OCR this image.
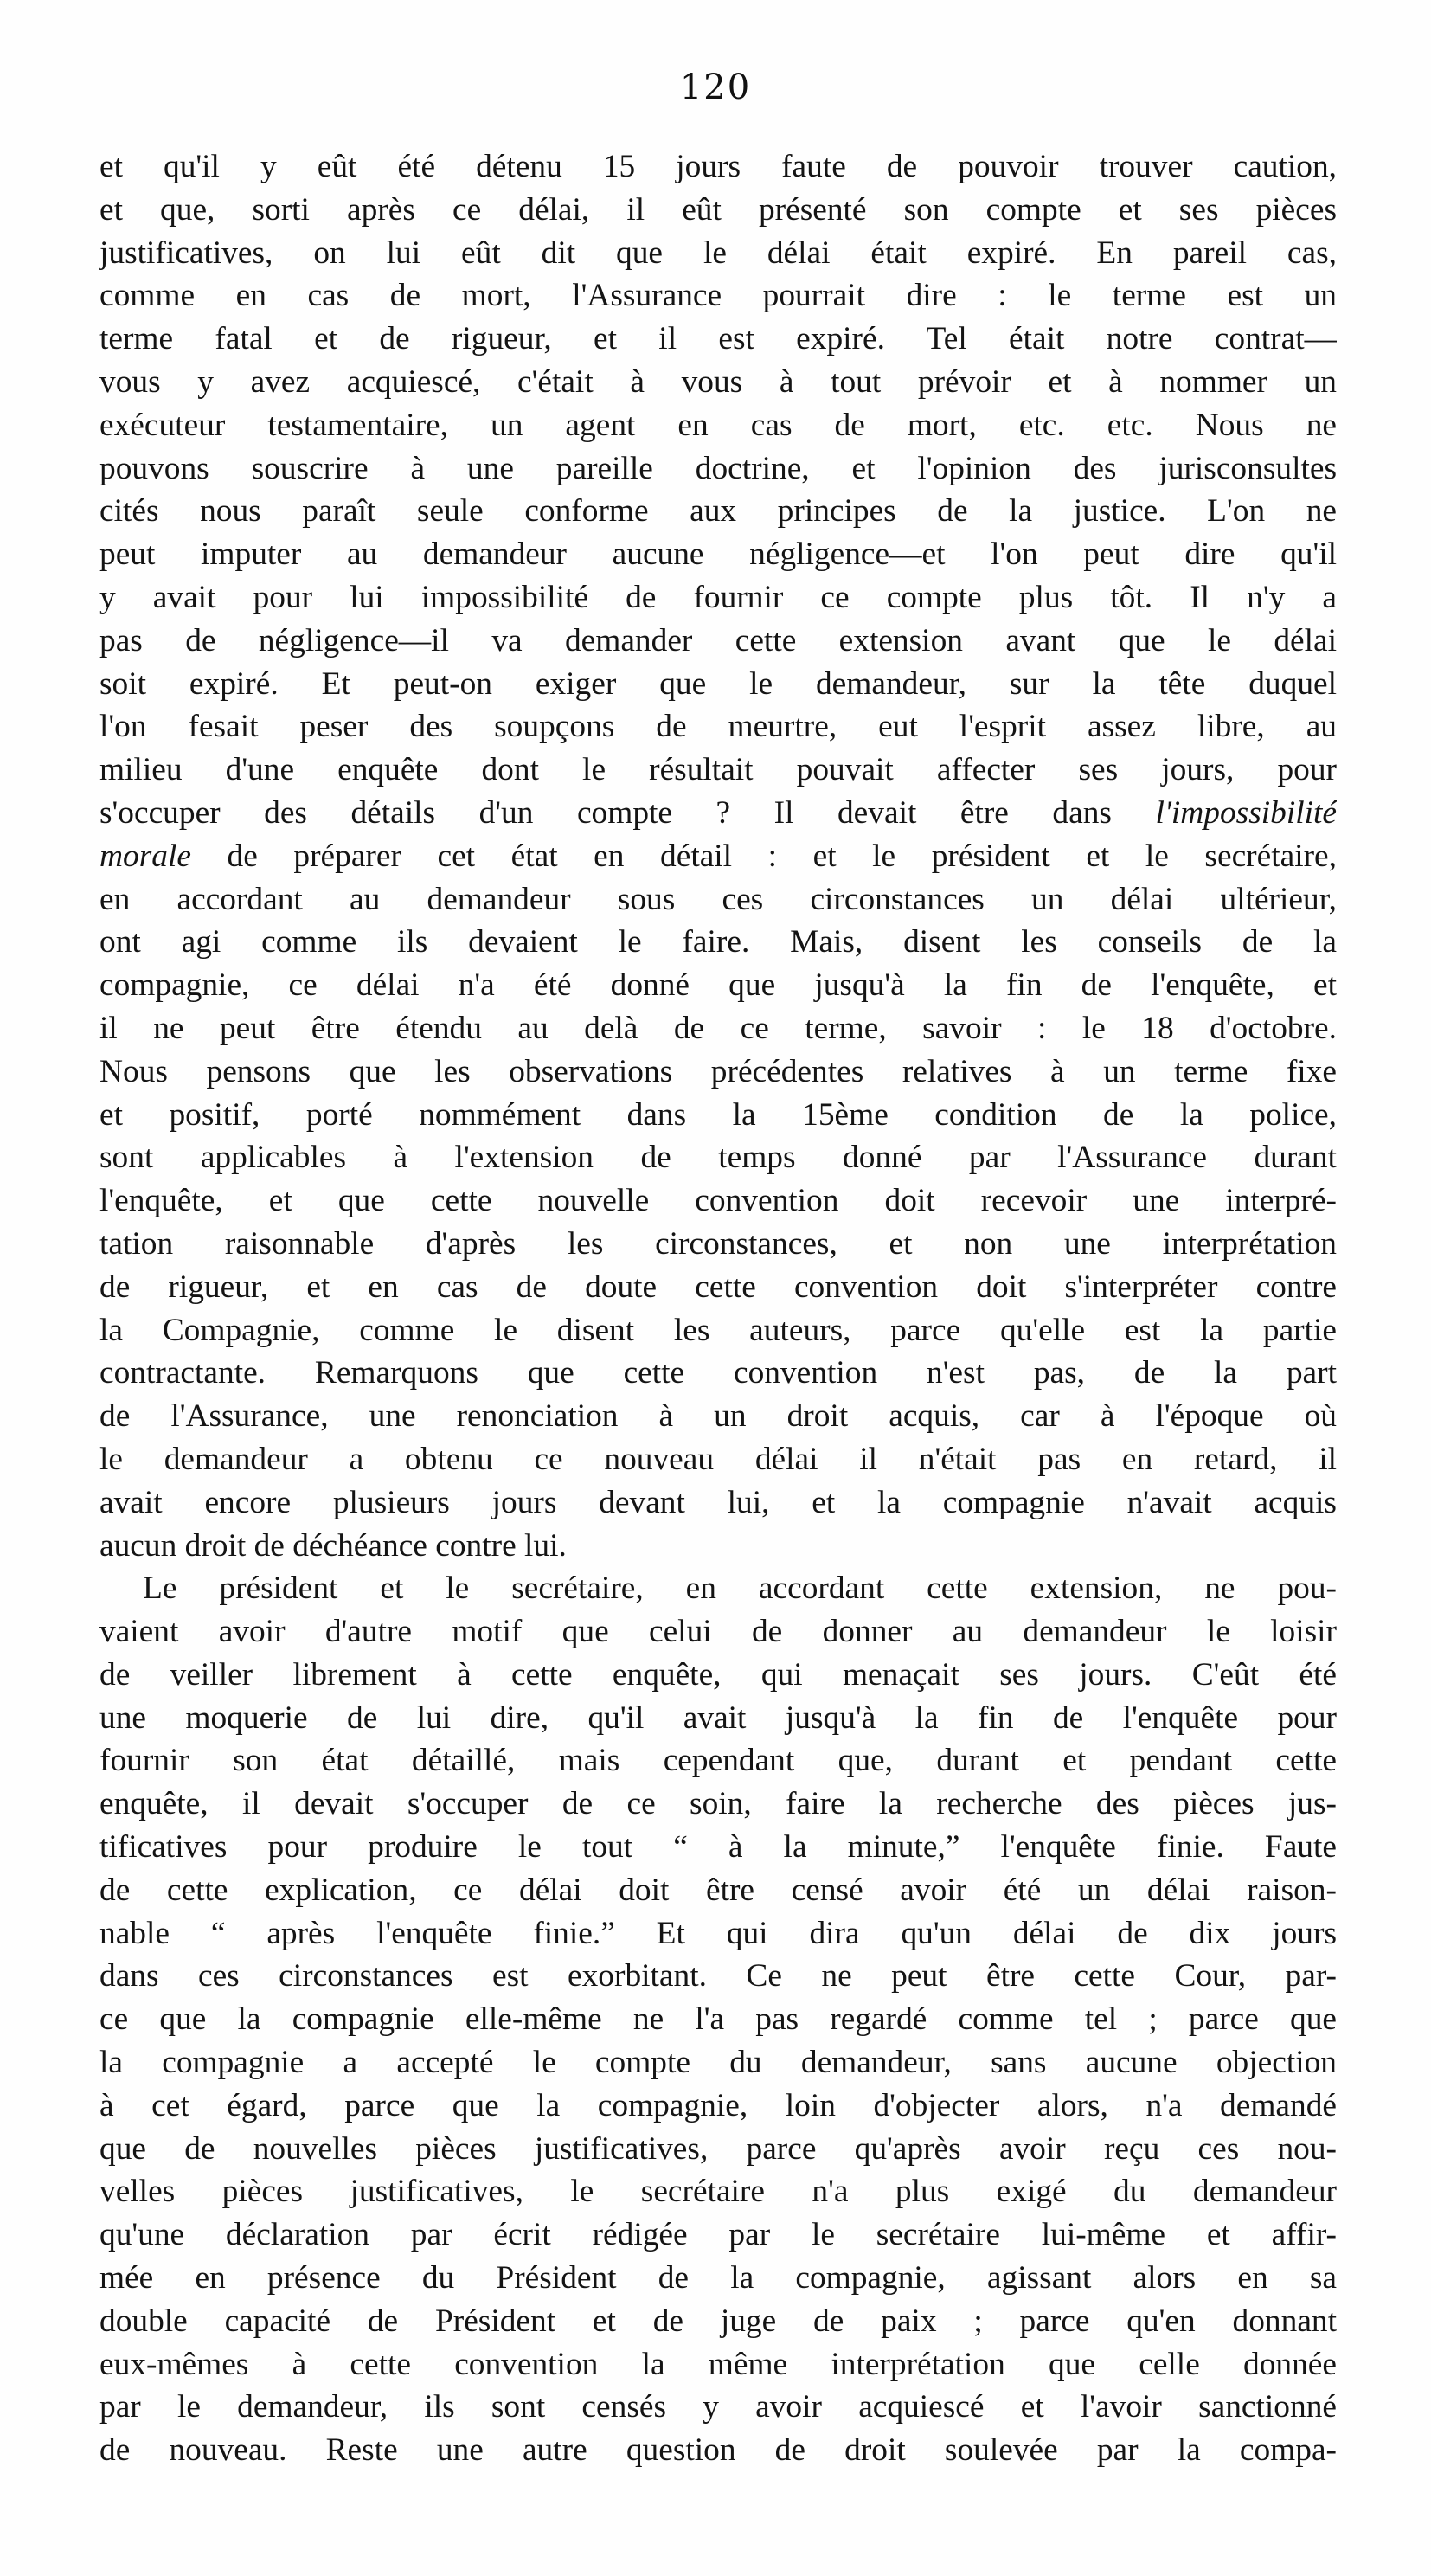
120
et qu'il y eût été détenu 15 jours faute de pouvoir trouver caution,
et que, sorti après ce délai, il eût présenté son compte et ses pièces
justificatives, on lui eût dit que le délai était expiré. En pareil cas,
comme en cas de mort, l'Assurance pourrait dire : le terme est un
terme fatal et de rigueur, et il est expiré. Tel était notre contrat—
vous y avez acquiescé, c'était à vous à tout prévoir et à nommer un
exécuteur testamentaire, un agent en cas de mort, etc. etc. Nous ne
pouvons souscrire à une pareille doctrine, et l'opinion des jurisconsultes
cités nous paraît seule conforme aux principes de la justice. L'on ne
peut imputer au demandeur aucune négligence—et l'on peut dire qu'il
y avait pour lui impossibilité de fournir ce compte plus tôt. Il n'y a
pas de négligence—il va demander cette extension avant que le délai
soit expiré. Et peut-on exiger que le demandeur, sur la tête duquel
l'on fesait peser des soupçons de meurtre, eut l'esprit assez libre, au
milieu d'une enquête dont le résultait pouvait affecter ses jours, pour
s'occuper des détails d'un compte ? Il devait être dans l'impossibilité
morale de préparer cet état en détail : et le président et le secrétaire,
en accordant au demandeur sous ces circonstances un délai ultérieur,
ont agi comme ils devaient le faire. Mais, disent les conseils de la
compagnie, ce délai n'a été donné que jusqu'à la fin de l'enquête, et
il ne peut être étendu au delà de ce terme, savoir : le 18 d'octobre.
Nous pensons que les observations précédentes relatives à un terme fixe
et positif, porté nommément dans la 15ème condition de la police,
sont applicables à l'extension de temps donné par l'Assurance durant
l'enquête, et que cette nouvelle convention doit recevoir une interpré-
tation raisonnable d'après les circonstances, et non une interprétation
de rigueur, et en cas de doute cette convention doit s'interpréter contre
la Compagnie, comme le disent les auteurs, parce qu'elle est la partie
contractante. Remarquons que cette convention n'est pas, de la part
de l'Assurance, une renonciation à un droit acquis, car à l'époque où
le demandeur a obtenu ce nouveau délai il n'était pas en retard, il
avait encore plusieurs jours devant lui, et la compagnie n'avait acquis
aucun droit de déchéance contre lui.
Le président et le secrétaire, en accordant cette extension, ne pou-
vaient avoir d'autre motif que celui de donner au demandeur le loisir
de veiller librement à cette enquête, qui menaçait ses jours. C'eût été
une moquerie de lui dire, qu'il avait jusqu'à la fin de l'enquête pour
fournir son état détaillé, mais cependant que, durant et pendant cette
enquête, il devait s'occuper de ce soin, faire la recherche des pièces jus-
tificatives pour produire le tout “ à la minute,” l'enquête finie. Faute
de cette explication, ce délai doit être censé avoir été un délai raison-
nable “ après l'enquête finie.” Et qui dira qu'un délai de dix jours
dans ces circonstances est exorbitant. Ce ne peut être cette Cour, par-
ce que la compagnie elle-même ne l'a pas regardé comme tel ; parce que
la compagnie a accepté le compte du demandeur, sans aucune objection
à cet égard, parce que la compagnie, loin d'objecter alors, n'a demandé
que de nouvelles pièces justificatives, parce qu'après avoir reçu ces nou-
velles pièces justificatives, le secrétaire n'a plus exigé du demandeur
qu'une déclaration par écrit rédigée par le secrétaire lui-même et affir-
mée en présence du Président de la compagnie, agissant alors en sa
double capacité de Président et de juge de paix ; parce qu'en donnant
eux-mêmes à cette convention la même interprétation que celle donnée
par le demandeur, ils sont censés y avoir acquiescé et l'avoir sanctionné
de nouveau. Reste une autre question de droit soulevée par la compa-
